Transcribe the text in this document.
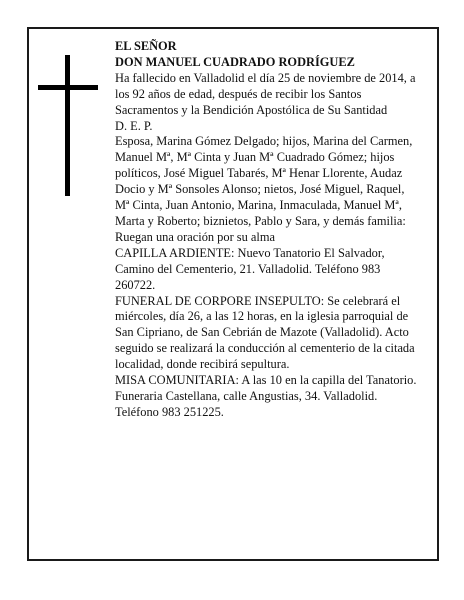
EL SEÑOR

DON MANUEL CUADRADO RODRÍGUEZ

Ha fallecido en Valladolid el día 25 de noviembre de 2014, a los 92 años de edad, después de recibir los Santos Sacramentos y la Bendición Apostólica de Su Santidad

D. E. P.

Esposa, Marina Gómez Delgado; hijos, Marina del Carmen, Manuel Mª, Mª Cinta y Juan Mª Cuadrado Gómez; hijos políticos, José Miguel Tabarés, Mª Henar Llorente, Audaz Docio y Mª Sonsoles Alonso; nietos, José Miguel, Raquel, Mª Cinta, Juan Antonio, Marina, Inmaculada, Manuel Mª, Marta y Roberto; biznietos, Pablo y Sara, y demás familia:

Ruegan una oración por su alma

CAPILLA ARDIENTE: Nuevo Tanatorio El Salvador, Camino del Cementerio, 21. Valladolid. Teléfono 983 260722.

FUNERAL DE CORPORE INSEPULTO: Se celebrará el miércoles, día 26, a las 12 horas, en la iglesia parroquial de San Cipriano, de San Cebrián de Mazote (Valladolid). Acto seguido se realizará la conducción al cementerio de la citada localidad, donde recibirá sepultura.

MISA COMUNITARIA: A las 10 en la capilla del Tanatorio.

Funeraria Castellana, calle Angustias, 34. Valladolid. Teléfono 983 251225.
